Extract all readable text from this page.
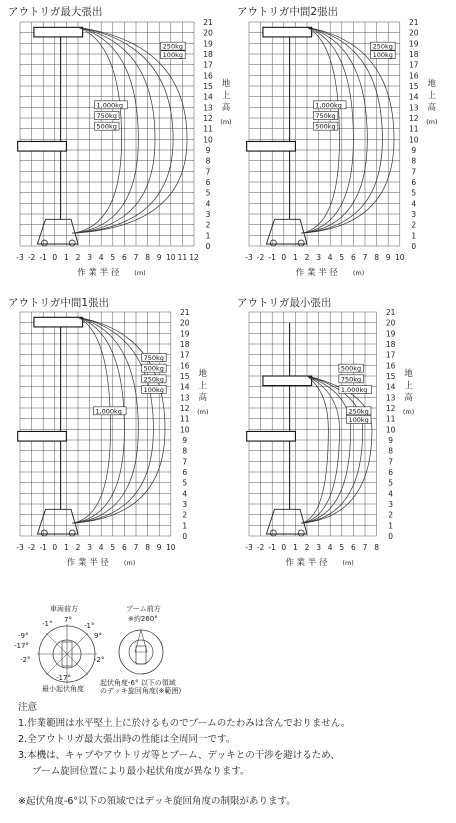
アウトリガ最大張出	アウトリガ中間2張出
アウトリガ中間1張出	アウトリガ最小張出
-3 -2 -1 0 1 2 3 4 5 6 7 8 9 10 11 12
0
1
2
3
4
5
6
7
8
9
10
11
12
13
14
15
16
17
18
19
20
21
作 業 半 径 (m)
地
上
高
(m)
250kg
100kg
1,000kg
750kg
500kg
-3 -2 -1 0 1 2 3 4 5 6 7 8 9 10
0
1
2
3
4
5
6
7
8
9
10
11
12
13
14
15
16
17
18
19
20
21
作 業 半 径 (m)
地
上
高
(m)
250kg
100kg
1,000kg
750kg
500kg
-3 -2 -1 0 1 2 3 4 5 6 7 8 9 10
0
1
2
3
4
5
6
7
8
9
10
11
12
13
14
15
16
17
18
19
20
21
作 業 半 径 (m)
地
上
高
(m)
750kg
500kg
250kg
100kg
1,000kg
-3 -2 -1 0 1 2 3 4 5 6 7 8
0
1
2
3
4
5
6
7
8
9
10
11
12
13
14
15
16
17
18
19
20
21
作 業 半 径 (m)
地
上
高
(m)
500kg
750kg
1,000kg
250kg
100kg
車両前方
-1° 7°
-1°
9°
-9°
-17°
-2°	-2°
-17°
最小起伏角度
ブーム前方
※約260°
起伏角度-6° 以下の領域
のデッキ旋回角度(※範囲)
注意
1.作業範囲は水平堅土上に於けるものでブームのたわみは含んでおりません。
2.全アウトリガ最大張出時の性能は全周同一です。
3.本機は、キャブやアウトリガ等とブーム、デッキとの干渉を避けるため、
ブーム旋回位置により最小起伏角度が異なります。
※起伏角度-6°以下の領域ではデッキ旋回角度の制限があります。
